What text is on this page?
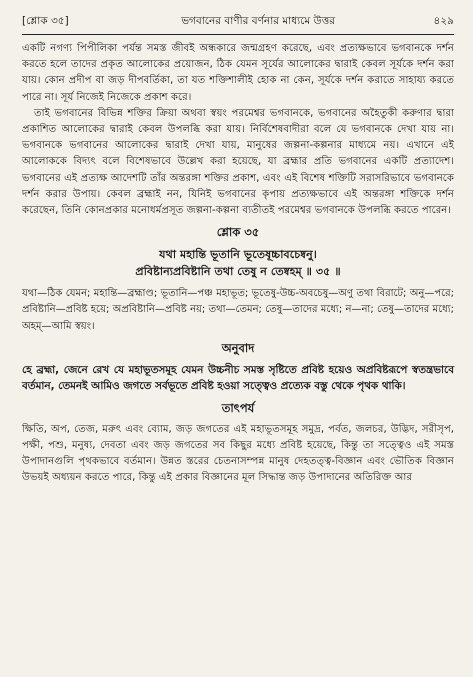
[শ্লোক ৩৫]	ভগবানের বাণীর বর্ণনার মাধ্যমে উত্তর	৪২৯

একটি নগণ্য পিপীলিকা পর্যন্ত সমস্ত জীবই অন্ধকারে জন্মগ্রহণ করেছে, এবং প্রত্যক্ষভাবে ভগবানকে দর্শন করতে হলে তাদের প্রকৃত আলোকের প্রয়োজন, ঠিক যেমন সূর্যের আলোকের দ্বারাই কেবল সূর্যকে দর্শন করা যায়। কোন প্রদীপ বা জড় দীপবর্তিকা, তা যত শক্তিশালীই হোক না কেন, সূর্যকে দর্শন করাতে সাহায্য করতে পারে না। সূর্য নিজেই নিজেকে প্রকাশ করে।

তাই ভগবানের বিভিন্ন শক্তির ক্রিয়া অথবা স্বয়ং পরমেশ্বর ভগবানকে, ভগবানের অহৈতুকী করুণার দ্বারা প্রকাশিত আলোকের দ্বারাই কেবল উপলব্ধি করা যায়। নির্বিশেষবাদীরা বলে যে ভগবানকে দেখা যায় না। ভগবানকে ভগবানের আলোকের দ্বারাই দেখা যায়, মানুষের জল্পনা-কল্পনার মাধ্যমে নয়। এখানে এই আলোককে বিদ্যৎ বলে বিশেষভাবে উল্লেখ করা হয়েছে, যা ব্রহ্মার প্রতি ভগবানের একটি প্রত্যাদেশ। ভগবানের এই প্রত্যক্ষ আদেশটি তাঁর অন্তরঙ্গা শক্তির প্রকাশ, এবং এই বিশেষ শক্তিটি সরাসরিভাবে ভগবানকে দর্শন করার উপায়। কেবল ব্রহ্মাই নন, যিনিই ভগবানের কৃপায় প্রত্যক্ষভাবে এই অন্তরঙ্গা শক্তিকে দর্শন করেছেন, তিনি কোনপ্রকার মনোধর্মপ্রসূত জল্পনা-কল্পনা ব্যতীতই পরমেশ্বর ভগবানকে উপলব্ধি করতে পারেন।

শ্লোক ৩৫
যথা মহান্তি ভূতানি ভূতেষূচ্চাবচেষ্বনু।
প্রবিষ্টান্যপ্রবিষ্টানি তথা তেষু ন তেষ্বহম্ ॥ ৩৫ ॥

যথা—ঠিক যেমন; মহান্তি—ব্রহ্মাণ্ড; ভূতানি—পঞ্চ মহাভূত; ভূতেষু-উচ্চ-অবচেষু—অণু তথা বিরাটে; অনু—পরে; প্রবিষ্টানি—প্রবিষ্ট হয়ে; অপ্রবিষ্টানি—প্রবিষ্ট নয়; তথা—তেমন; তেষু—তাদের মধ্যে; ন—না; তেষু—তাদের মধ্যে; অহম্—আমি স্বয়ং।

অনুবাদ

হে ব্রহ্মা, জেনে রেখ যে মহাভূতসমূহ যেমন উচ্চনীচ সমস্ত সৃষ্টিতে প্রবিষ্ট হয়েও অপ্রবিষ্টরূপে স্বতন্ত্রভাবে বর্তমান, তেমনই আমিও জগতে সর্বভূতে প্রবিষ্ট হওয়া সত্ত্বেও প্রত্যেক বস্তু থেকে পৃথক থাকি।

তাৎপর্য

ক্ষিতি, অপ, তেজ, মরুৎ এবং ব্যোম, জড় জগতের এই মহাভূতসমূহ সমুদ্র, পর্বত, জলচর, উদ্ভিদ, সরীসৃপ, পক্ষী, পশু, মনুষ্য, দেবতা এবং জড় জগতের সব কিছুর মধ্যে প্রবিষ্ট হয়েছে, কিন্তু তা সত্ত্বেও এই সমস্ত উপাদানগুলি পৃথকভাবে বর্তমান। উন্নত স্তরের চেতনাসম্পন্ন মানুষ দেহতত্ত্ব-বিজ্ঞান এবং ভৌতিক বিজ্ঞান উভয়ই অধ্যয়ন করতে পারে, কিন্তু এই প্রকার বিজ্ঞানের মূল সিদ্ধান্ত জড় উপাদানের অতিরিক্ত আর
